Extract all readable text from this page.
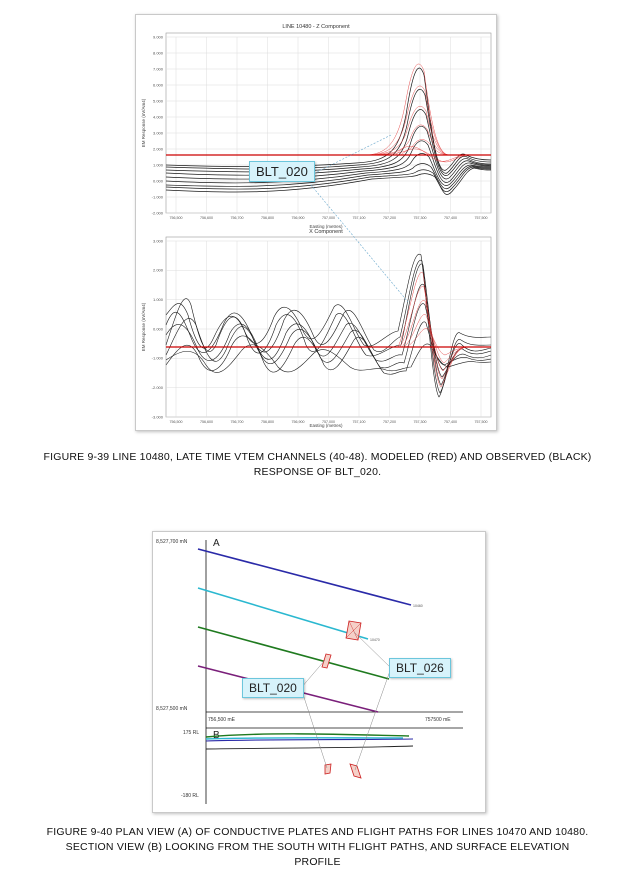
LINE 10480 - Z Component
9.000
8.000
7.000
6.000
5.000
4.000
3.000
2.000
1.000
0.000
-1.000
-2.000
EM Response (nV/Am4)
756,500	756,600	756,700	756,800	756,900	757,000	757,100	757,200	757,300	757,400	757,500
Easting (metres)
X Component
3.000
2.000
1.000
0.000
-1.000
-2.000
-3.000
EM Response (nV/Am4)
756,500	756,600	756,700	756,800	756,900	757,000	757,100	757,200	757,300	757,400	757,500
Easting (metres)
BLT_020
FIGURE 9-39 LINE 10480, LATE TIME VTEM CHANNELS (40-48). MODELED (RED) AND OBSERVED (BLACK)
RESPONSE OF BLT_020.
A
B
8,527,700 mN
8,527,500 mN
756,500 mE	757500 mE
175 RL
-180 RL
10460
10470
BLT_020
BLT_026
FIGURE 9-40 PLAN VIEW (A) OF CONDUCTIVE PLATES AND FLIGHT PATHS FOR LINES 10470 AND 10480.
SECTION VIEW (B) LOOKING FROM THE SOUTH WITH FLIGHT PATHS, AND SURFACE ELEVATION
PROFILE
